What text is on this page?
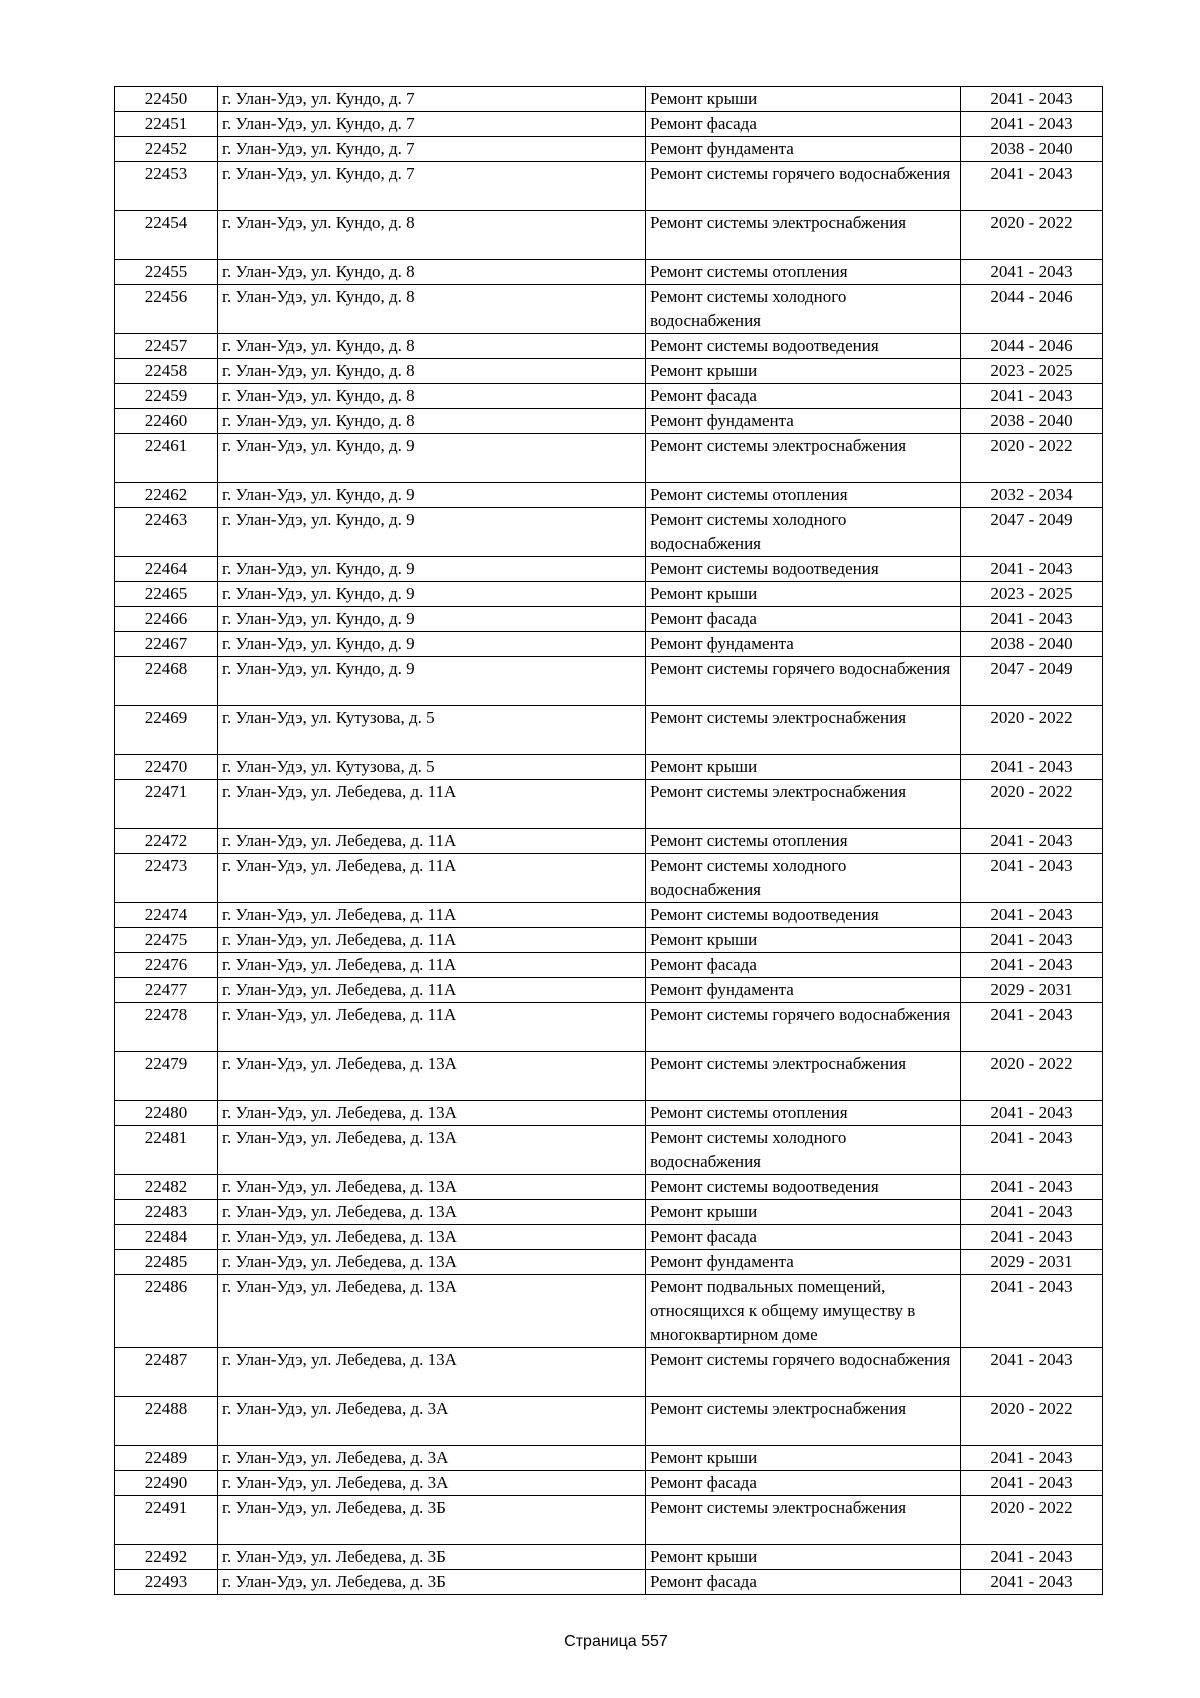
22450	г. Улан-Удэ, ул. Кундо, д. 7	Ремонт крыши	2041 - 2043
22451	г. Улан-Удэ, ул. Кундо, д. 7	Ремонт фасада	2041 - 2043
22452	г. Улан-Удэ, ул. Кундо, д. 7	Ремонт фундамента	2038 - 2040
22453	г. Улан-Удэ, ул. Кундо, д. 7	Ремонт системы горячего водоснабжения	2041 - 2043
22454	г. Улан-Удэ, ул. Кундо, д. 8	Ремонт системы электроснабжения	2020 - 2022
22455	г. Улан-Удэ, ул. Кундо, д. 8	Ремонт системы отопления	2041 - 2043
22456	г. Улан-Удэ, ул. Кундо, д. 8	Ремонт системы холодного водоснабжения	2044 - 2046
22457	г. Улан-Удэ, ул. Кундо, д. 8	Ремонт системы водоотведения	2044 - 2046
22458	г. Улан-Удэ, ул. Кундо, д. 8	Ремонт крыши	2023 - 2025
22459	г. Улан-Удэ, ул. Кундо, д. 8	Ремонт фасада	2041 - 2043
22460	г. Улан-Удэ, ул. Кундо, д. 8	Ремонт фундамента	2038 - 2040
22461	г. Улан-Удэ, ул. Кундо, д. 9	Ремонт системы электроснабжения	2020 - 2022
22462	г. Улан-Удэ, ул. Кундо, д. 9	Ремонт системы отопления	2032 - 2034
22463	г. Улан-Удэ, ул. Кундо, д. 9	Ремонт системы холодного водоснабжения	2047 - 2049
22464	г. Улан-Удэ, ул. Кундо, д. 9	Ремонт системы водоотведения	2041 - 2043
22465	г. Улан-Удэ, ул. Кундо, д. 9	Ремонт крыши	2023 - 2025
22466	г. Улан-Удэ, ул. Кундо, д. 9	Ремонт фасада	2041 - 2043
22467	г. Улан-Удэ, ул. Кундо, д. 9	Ремонт фундамента	2038 - 2040
22468	г. Улан-Удэ, ул. Кундо, д. 9	Ремонт системы горячего водоснабжения	2047 - 2049
22469	г. Улан-Удэ, ул. Кутузова, д. 5	Ремонт системы электроснабжения	2020 - 2022
22470	г. Улан-Удэ, ул. Кутузова, д. 5	Ремонт крыши	2041 - 2043
22471	г. Улан-Удэ, ул. Лебедева, д. 11А	Ремонт системы электроснабжения	2020 - 2022
22472	г. Улан-Удэ, ул. Лебедева, д. 11А	Ремонт системы отопления	2041 - 2043
22473	г. Улан-Удэ, ул. Лебедева, д. 11А	Ремонт системы холодного водоснабжения	2041 - 2043
22474	г. Улан-Удэ, ул. Лебедева, д. 11А	Ремонт системы водоотведения	2041 - 2043
22475	г. Улан-Удэ, ул. Лебедева, д. 11А	Ремонт крыши	2041 - 2043
22476	г. Улан-Удэ, ул. Лебедева, д. 11А	Ремонт фасада	2041 - 2043
22477	г. Улан-Удэ, ул. Лебедева, д. 11А	Ремонт фундамента	2029 - 2031
22478	г. Улан-Удэ, ул. Лебедева, д. 11А	Ремонт системы горячего водоснабжения	2041 - 2043
22479	г. Улан-Удэ, ул. Лебедева, д. 13А	Ремонт системы электроснабжения	2020 - 2022
22480	г. Улан-Удэ, ул. Лебедева, д. 13А	Ремонт системы отопления	2041 - 2043
22481	г. Улан-Удэ, ул. Лебедева, д. 13А	Ремонт системы холодного водоснабжения	2041 - 2043
22482	г. Улан-Удэ, ул. Лебедева, д. 13А	Ремонт системы водоотведения	2041 - 2043
22483	г. Улан-Удэ, ул. Лебедева, д. 13А	Ремонт крыши	2041 - 2043
22484	г. Улан-Удэ, ул. Лебедева, д. 13А	Ремонт фасада	2041 - 2043
22485	г. Улан-Удэ, ул. Лебедева, д. 13А	Ремонт фундамента	2029 - 2031
22486	г. Улан-Удэ, ул. Лебедева, д. 13А	Ремонт подвальных помещений, относящихся к общему имуществу в многоквартирном доме	2041 - 2043
22487	г. Улан-Удэ, ул. Лебедева, д. 13А	Ремонт системы горячего водоснабжения	2041 - 2043
22488	г. Улан-Удэ, ул. Лебедева, д. 3А	Ремонт системы электроснабжения	2020 - 2022
22489	г. Улан-Удэ, ул. Лебедева, д. 3А	Ремонт крыши	2041 - 2043
22490	г. Улан-Удэ, ул. Лебедева, д. 3А	Ремонт фасада	2041 - 2043
22491	г. Улан-Удэ, ул. Лебедева, д. 3Б	Ремонт системы электроснабжения	2020 - 2022
22492	г. Улан-Удэ, ул. Лебедева, д. 3Б	Ремонт крыши	2041 - 2043
22493	г. Улан-Удэ, ул. Лебедева, д. 3Б	Ремонт фасада	2041 - 2043
Страница 557
